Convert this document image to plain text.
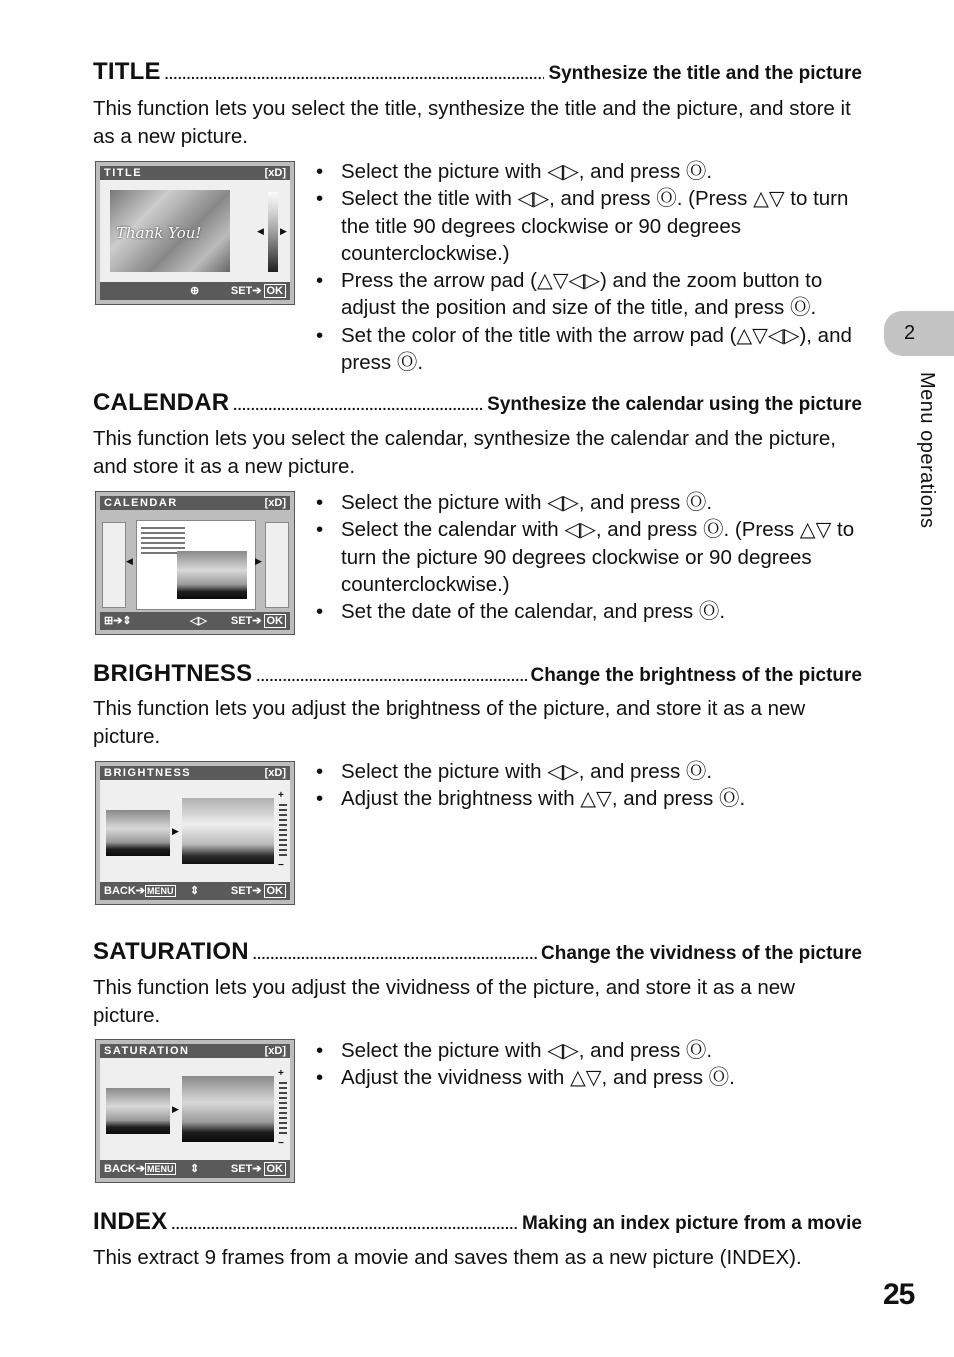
2
Menu operations
TITLE .....	Synthesize the title and the picture
This function lets you select the title, synthesize the title and the picture, and store it as a new picture.
TITLE	[xD]
Thank You!	◀ ▶
⊕	SET➔ OK
• Select the picture with ◁▷, and press Ⓞ.
• Select the title with ◁▷, and press Ⓞ. (Press △▽ to turn the title 90 degrees clockwise or 90 degrees counterclockwise.)
• Press the arrow pad (△▽◁▷) and the zoom button to adjust the position and size of the title, and press Ⓞ.
• Set the color of the title with the arrow pad (△▽◁▷), and press Ⓞ.
CALENDAR .....	Synthesize the calendar using the picture
This function lets you select the calendar, synthesize the calendar and the picture, and store it as a new picture.
CALENDAR	[xD]
◀	▶
⊞➔⇕	◁▷ SET➔ OK
• Select the picture with ◁▷, and press Ⓞ.
• Select the calendar with ◁▷, and press Ⓞ. (Press △▽ to turn the picture 90 degrees clockwise or 90 degrees counterclockwise.)
• Set the date of the calendar, and press Ⓞ.
BRIGHTNESS .....	Change the brightness of the picture
This function lets you adjust the brightness of the picture, and store it as a new picture.
BRIGHTNESS	[xD]
▶
+
−
BACK➔ MENU ⇕	SET➔ OK
• Select the picture with ◁▷, and press Ⓞ.
• Adjust the brightness with △▽, and press Ⓞ.
SATURATION .....	Change the vividness of the picture
This function lets you adjust the vividness of the picture, and store it as a new picture.
SATURATION	[xD]
▶
+
−
BACK➔ MENU ⇕	SET➔ OK
• Select the picture with ◁▷, and press Ⓞ.
• Adjust the vividness with △▽, and press Ⓞ.
INDEX .....	Making an index picture from a movie
This extract 9 frames from a movie and saves them as a new picture (INDEX).
25
